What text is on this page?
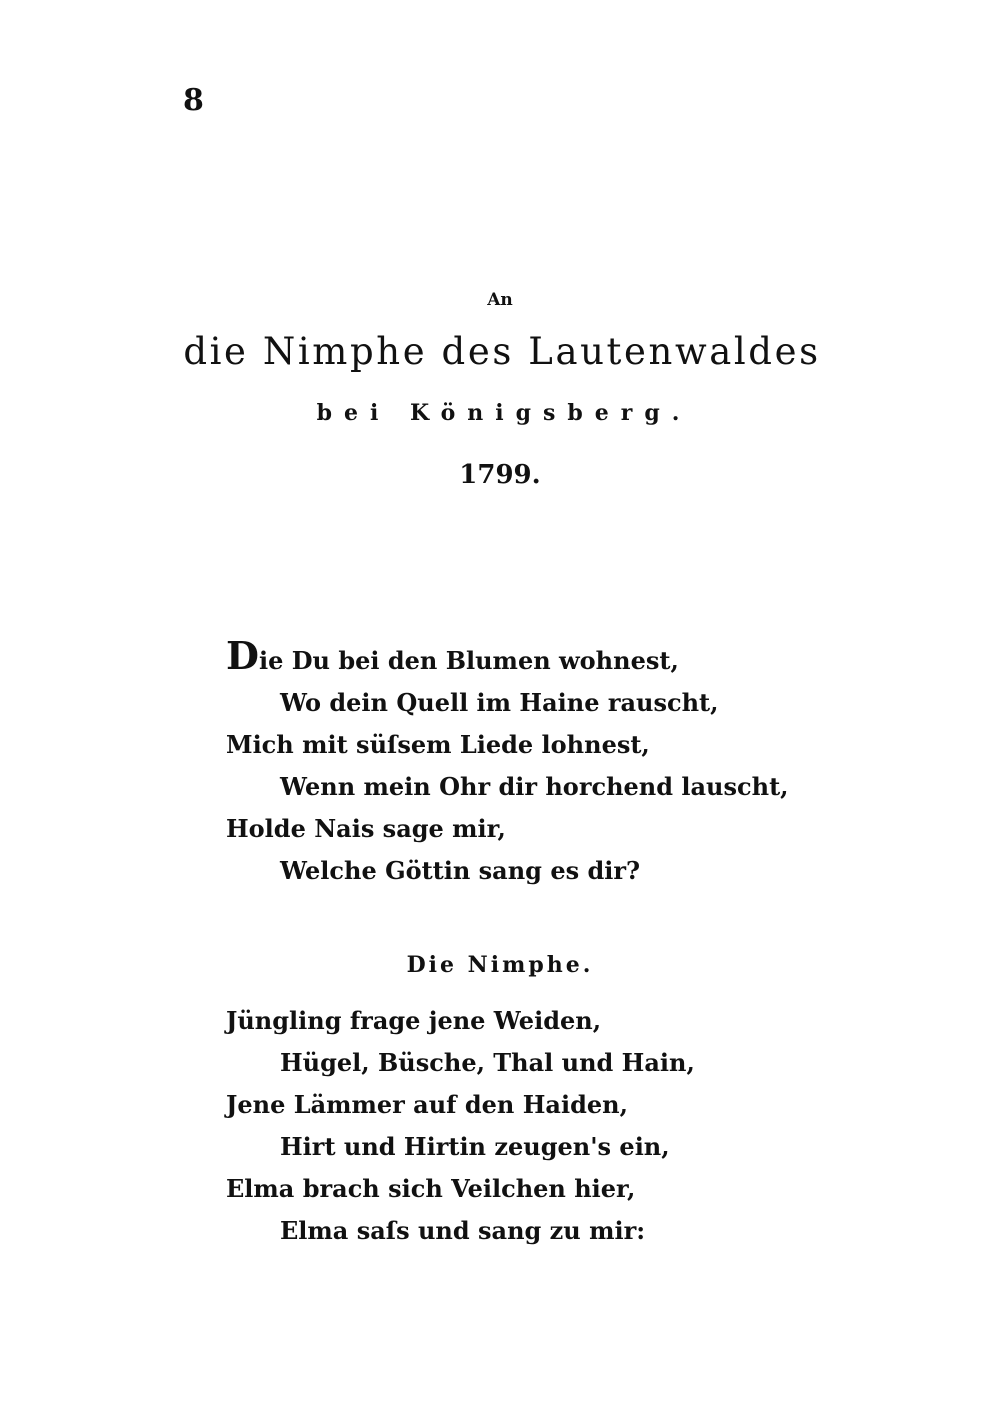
8
An
die Nimphe des Lautenwaldes
bei Königsberg.
1799.
Die Du bei den Blumen wohnest,
Wo dein Quell im Haine rauscht,
Mich mit süſsem Liede lohnest,
Wenn mein Ohr dir horchend lauscht,
Holde Nais sage mir,
Welche Göttin sang es dir?
Die Nimphe.
Jüngling frage jene Weiden,
Hügel, Büsche, Thal und Hain,
Jene Lämmer auf den Haiden,
Hirt und Hirtin zeugen's ein,
Elma brach sich Veilchen hier,
Elma saſs und sang zu mir:
